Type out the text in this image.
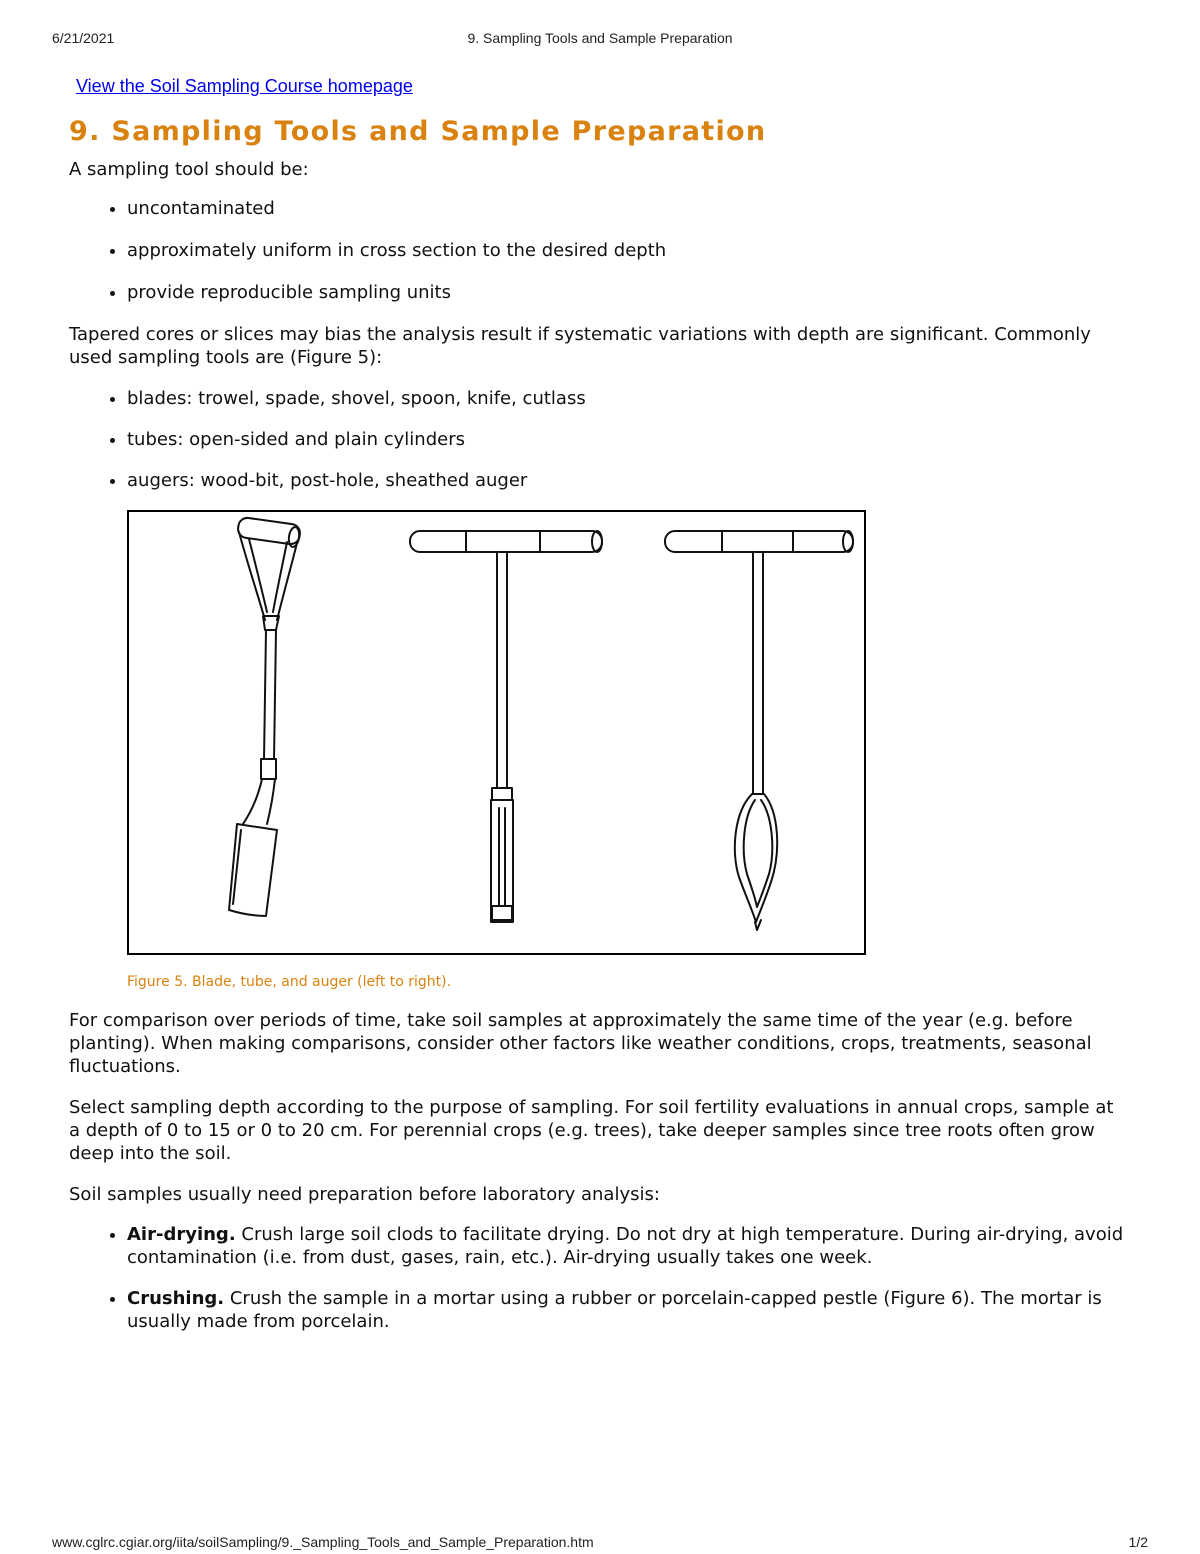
6/21/2021	9. Sampling Tools and Sample Preparation
View the Soil Sampling Course homepage
9. Sampling Tools and Sample Preparation

A sampling tool should be:

• uncontaminated
• approximately uniform in cross section to the desired depth
• provide reproducible sampling units

Tapered cores or slices may bias the analysis result if systematic variations with depth are significant. Commonly used sampling tools are (Figure 5):

• blades: trowel, spade, shovel, spoon, knife, cutlass
• tubes: open-sided and plain cylinders
• augers: wood-bit, post-hole, sheathed auger
Figure 5. Blade, tube, and auger (left to right).

For comparison over periods of time, take soil samples at approximately the same time of the year (e.g. before planting). When making comparisons, consider other factors like weather conditions, crops, treatments, seasonal fluctuations.

Select sampling depth according to the purpose of sampling. For soil fertility evaluations in annual crops, sample at a depth of 0 to 15 or 0 to 20 cm. For perennial crops (e.g. trees), take deeper samples since tree roots often grow deep into the soil.

Soil samples usually need preparation before laboratory analysis:

• Air-drying. Crush large soil clods to facilitate drying. Do not dry at high temperature. During air-drying, avoid contamination (i.e. from dust, gases, rain, etc.). Air-drying usually takes one week.
• Crushing. Crush the sample in a mortar using a rubber or porcelain-capped pestle (Figure 6). The mortar is usually made from porcelain.
www.cglrc.cgiar.org/iita/soilSampling/9._Sampling_Tools_and_Sample_Preparation.htm	1/2
